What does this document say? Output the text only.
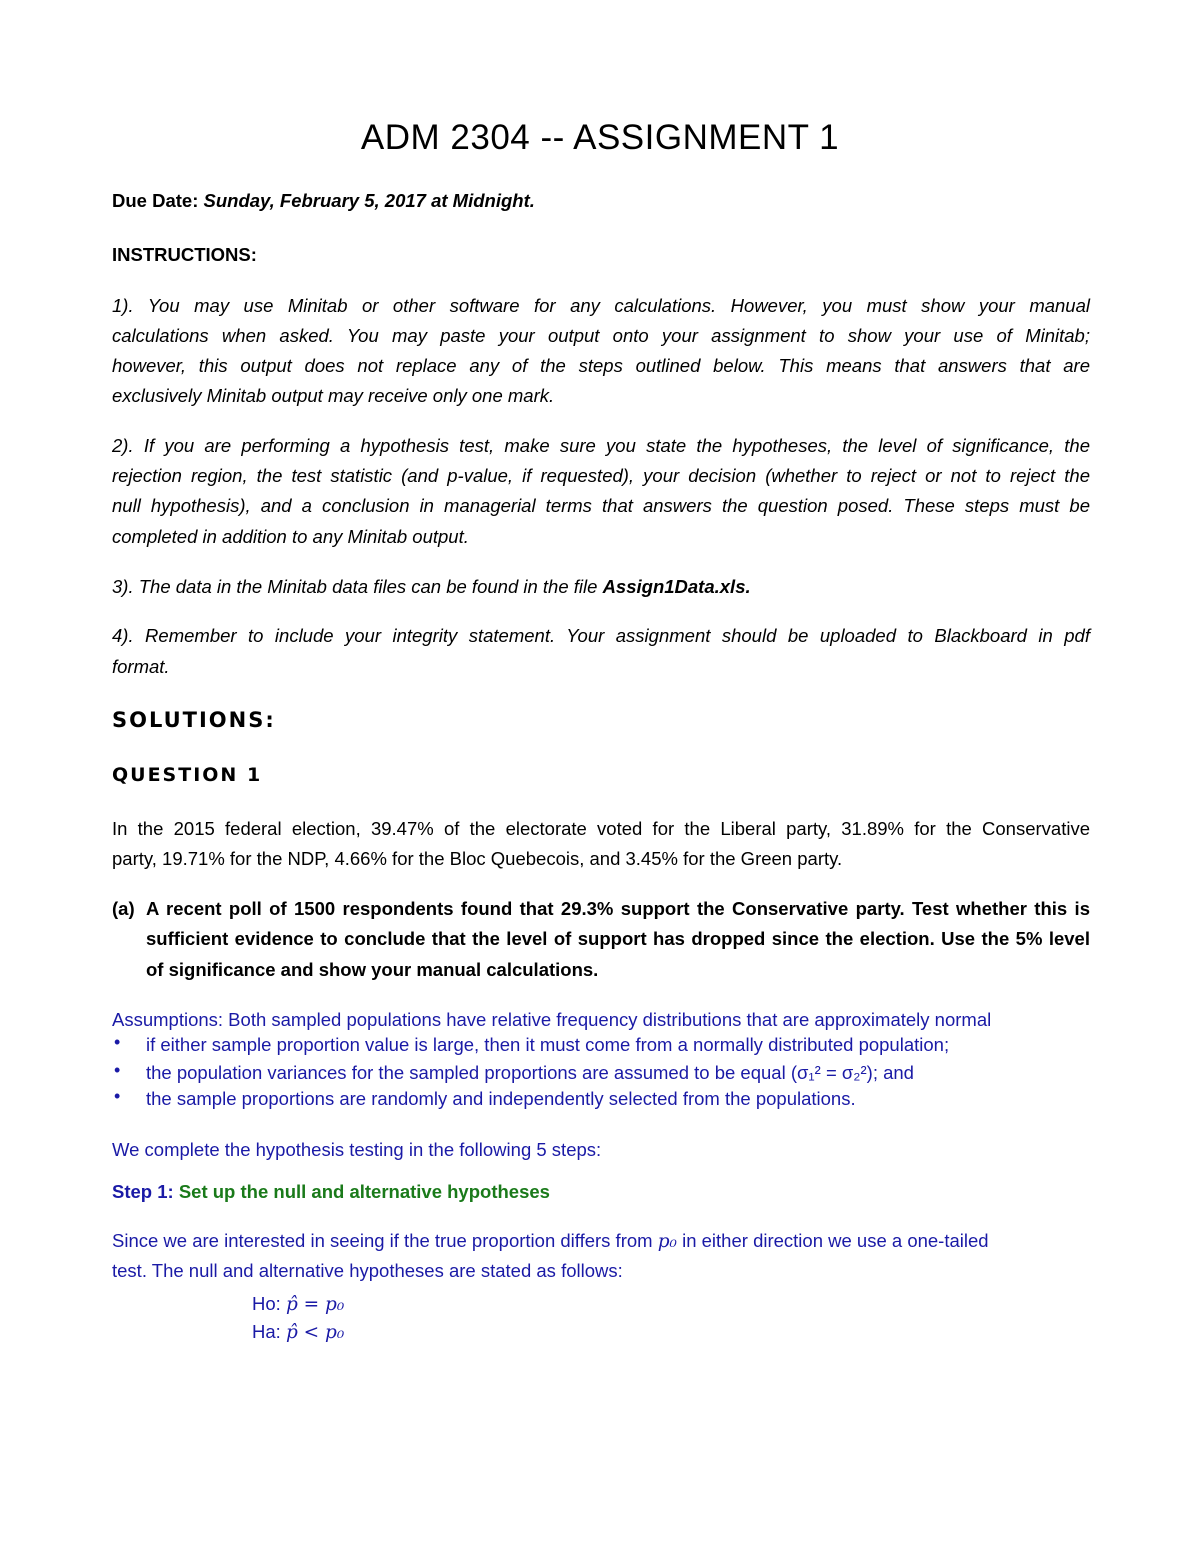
ADM 2304 -- ASSIGNMENT 1
Due Date: Sunday, February 5, 2017 at Midnight.
INSTRUCTIONS:
1). You may use Minitab or other software for any calculations. However, you must show your manual
calculations when asked. You may paste your output onto your assignment to show your use of Minitab;
however, this output does not replace any of the steps outlined below. This means that answers that are
exclusively Minitab output may receive only one mark.
2). If you are performing a hypothesis test, make sure you state the hypotheses, the level of significance, the
rejection region, the test statistic (and p-value, if requested), your decision (whether to reject or not to reject the
null hypothesis), and a conclusion in managerial terms that answers the question posed. These steps must be
completed in addition to any Minitab output.
3). The data in the Minitab data files can be found in the file Assign1Data.xls.
4). Remember to include your integrity statement. Your assignment should be uploaded to Blackboard in pdf
format.
SOLUTIONS:
QUESTION 1
In the 2015 federal election, 39.47% of the electorate voted for the Liberal party, 31.89% for the Conservative
party, 19.71% for the NDP, 4.66% for the Bloc Quebecois, and 3.45% for the Green party.
(a) A recent poll of 1500 respondents found that 29.3% support the Conservative party. Test whether this is
sufficient evidence to conclude that the level of support has dropped since the election. Use the 5% level
of significance and show your manual calculations.
Assumptions: Both sampled populations have relative frequency distributions that are approximately normal
• if either sample proportion value is large, then it must come from a normally distributed population;
• the population variances for the sampled proportions are assumed to be equal (σ₁² = σ₂²); and
• the sample proportions are randomly and independently selected from the populations.
We complete the hypothesis testing in the following 5 steps:
Step 1: Set up the null and alternative hypotheses
Since we are interested in seeing if the true proportion differs from p₀ in either direction we use a one-tailed
test. The null and alternative hypotheses are stated as follows:
Ho: p̂ = p₀
Ha: p̂ < p₀
